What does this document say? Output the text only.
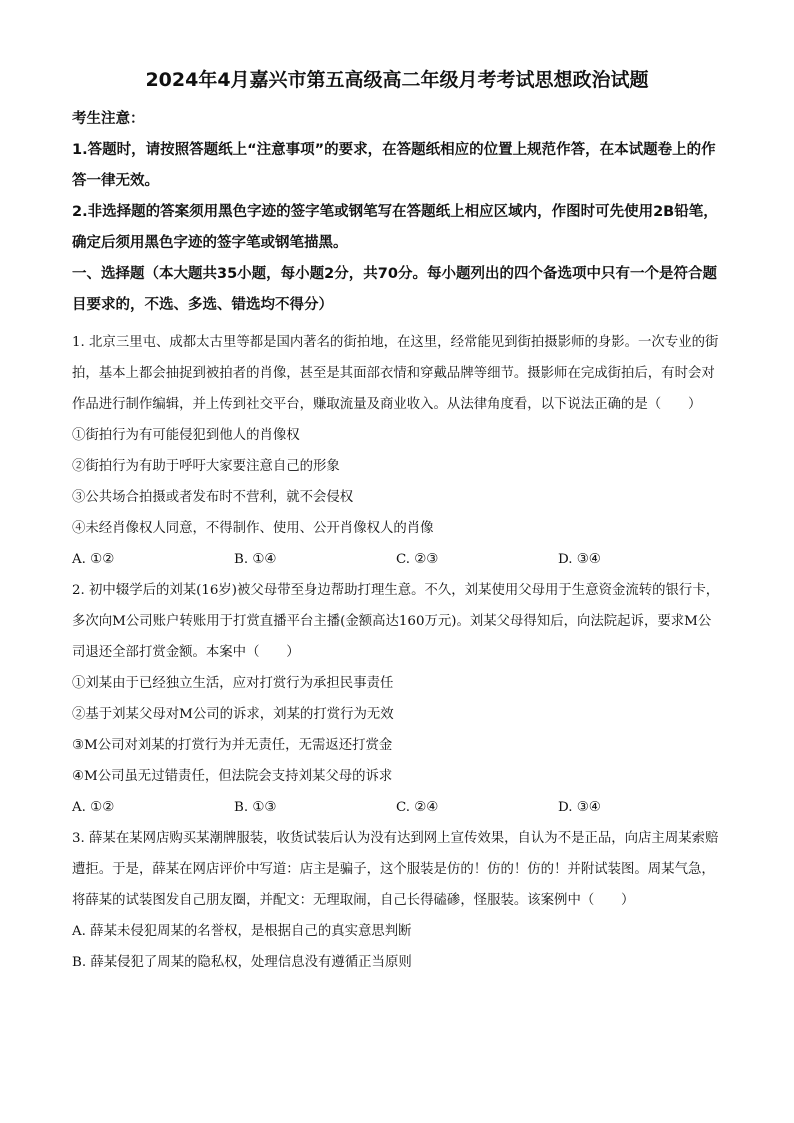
2024年4月嘉兴市第五高级高二年级月考考试思想政治试题

考生注意：

1.答题时，请按照答题纸上“注意事项”的要求，在答题纸相应的位置上规范作答，在本试题卷上的作答一律无效。

2.非选择题的答案须用黑色字迹的签字笔或钢笔写在答题纸上相应区域内，作图时可先使用2B铅笔，确定后须用黑色字迹的签字笔或钢笔描黑。

一、选择题（本大题共35小题，每小题2分，共70分。每小题列出的四个备选项中只有一个是符合题目要求的，不选、多选、错选均不得分）

1. 北京三里屯、成都太古里等都是国内著名的街拍地，在这里，经常能见到街拍摄影师的身影。一次专业的街拍，基本上都会抽捉到被拍者的肖像，甚至是其面部衣情和穿戴品牌等细节。摄影师在完成街拍后，有时会对作品进行制作编辑，并上传到社交平台，赚取流量及商业收入。从法律角度看，以下说法正确的是（　　）

①街拍行为有可能侵犯到他人的肖像权

②街拍行为有助于呼吁大家要注意自己的形象

③公共场合拍摄或者发布时不营利，就不会侵权

④未经肖像权人同意，不得制作、使用、公开肖像权人的肖像

A. ①②	B. ①④	C. ②③	D. ③④

2. 初中辍学后的刘某(16岁)被父母带至身边帮助打理生意。不久，刘某使用父母用于生意资金流转的银行卡，多次向M公司账户转账用于打赏直播平台主播(金额高达160万元)。刘某父母得知后，向法院起诉，要求M公司退还全部打赏金额。本案中（　　）

①刘某由于已经独立生活，应对打赏行为承担民事责任

②基于刘某父母对M公司的诉求，刘某的打赏行为无效

③M公司对刘某的打赏行为并无责任，无需返还打赏金

④M公司虽无过错责任，但法院会支持刘某父母的诉求

A. ①②	B. ①③	C. ②④	D. ③④

3. 薛某在某网店购买某潮牌服装，收货试装后认为没有达到网上宣传效果，自认为不是正品，向店主周某索赔遭拒。于是，薛某在网店评价中写道：店主是骗子，这个服装是仿的！仿的！仿的！并附试装图。周某气急，将薛某的试装图发自己朋友圈，并配文：无理取闹，自己长得磕碜，怪服装。该案例中（　　）

A. 薛某未侵犯周某的名誉权，是根据自己的真实意思判断

B. 薛某侵犯了周某的隐私权，处理信息没有遵循正当原则
